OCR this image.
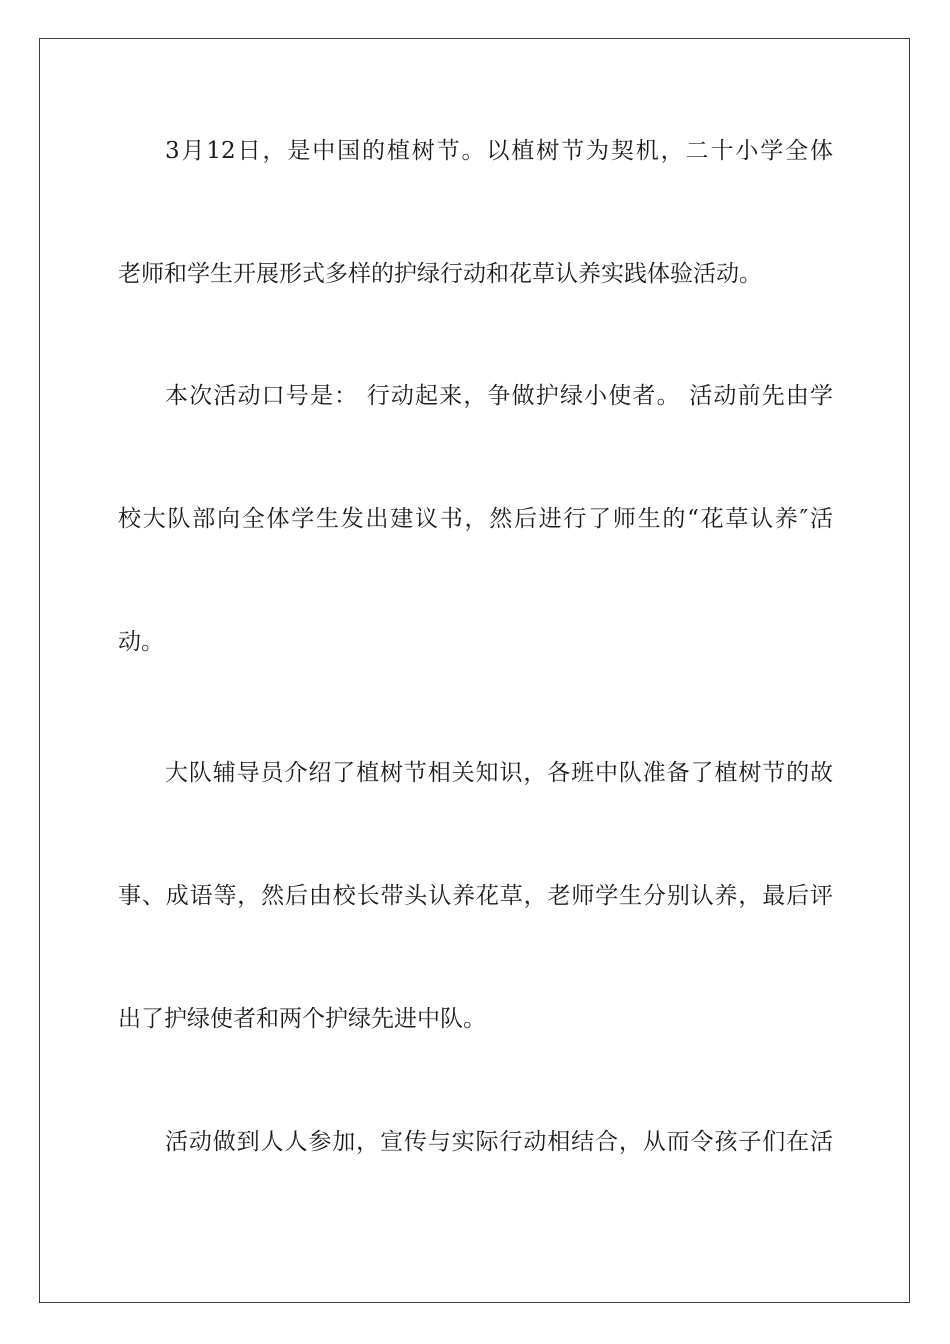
3月12日，是中国的植树节。以植树节为契机，二十小学全体
老师和学生开展形式多样的护绿行动和花草认养实践体验活动。
本次活动口号是： 行动起来，争做护绿小使者。 活动前先由学
校大队部向全体学生发出建议书，然后进行了师生的“花草认养″活
动。
大队辅导员介绍了植树节相关知识，各班中队准备了植树节的故
事、成语等，然后由校长带头认养花草，老师学生分别认养，最后评
出了护绿使者和两个护绿先进中队。
活动做到人人参加，宣传与实际行动相结合，从而令孩子们在活
